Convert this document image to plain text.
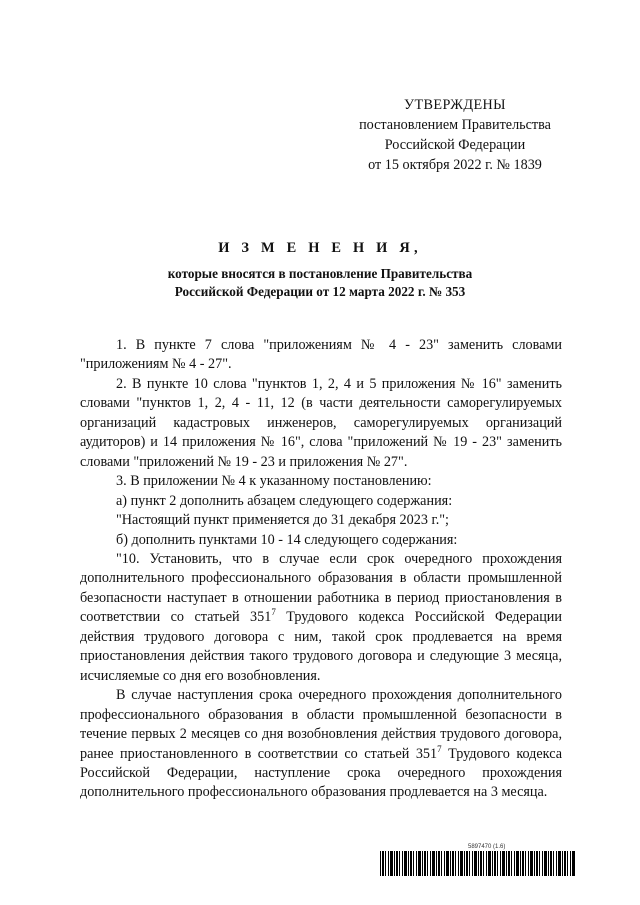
УТВЕРЖДЕНЫ
постановлением Правительства
Российской Федерации
от 15 октября 2022 г. № 1839
И З М Е Н Е Н И Я,
которые вносятся в постановление Правительства
Российской Федерации от 12 марта 2022 г. № 353

1. В пункте 7 слова "приложениям № 4 - 23" заменить словами "приложениям № 4 - 27".

2. В пункте 10 слова "пунктов 1, 2, 4 и 5 приложения № 16" заменить словами "пунктов 1, 2, 4 - 11, 12 (в части деятельности саморегулируемых организаций кадастровых инженеров, саморегулируемых организаций аудиторов) и 14 приложения № 16", слова "приложений № 19 - 23" заменить словами "приложений № 19 - 23 и приложения № 27".

3. В приложении № 4 к указанному постановлению:

а) пункт 2 дополнить абзацем следующего содержания:

"Настоящий пункт применяется до 31 декабря 2023 г.";

б) дополнить пунктами 10 - 14 следующего содержания:

"10. Установить, что в случае если срок очередного прохождения дополнительного профессионального образования в области промышленной безопасности наступает в отношении работника в период приостановления в соответствии со статьей $351^7$ Трудового кодекса Российской Федерации действия трудового договора с ним, такой срок продлевается на время приостановления действия такого трудового договора и следующие 3 месяца, исчисляемые со дня его возобновления.

В случае наступления срока очередного прохождения дополнительного профессионального образования в области промышленной безопасности в течение первых 2 месяцев со дня возобновления действия трудового договора, ранее приостановленного в соответствии со статьей $351^7$ Трудового кодекса Российской Федерации, наступление срока очередного прохождения дополнительного профессионального образования продлевается на 3 месяца.

5897470 (1.6)
